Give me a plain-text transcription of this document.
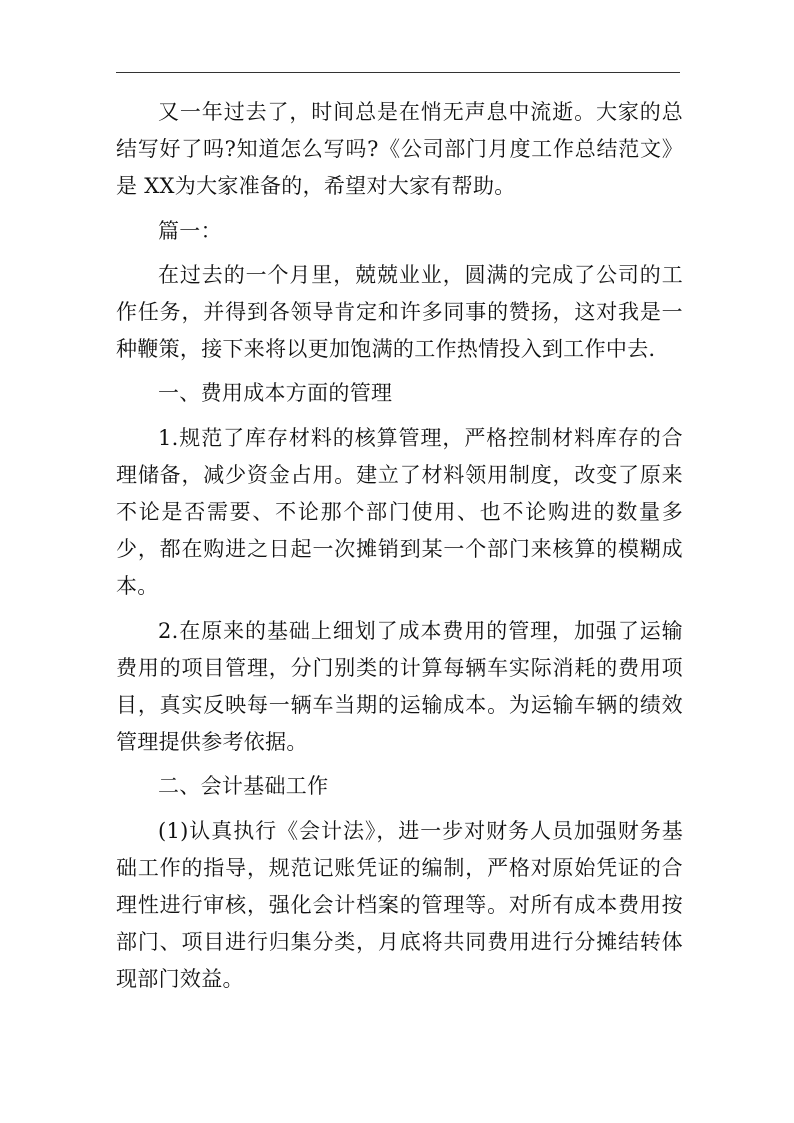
又一年过去了，时间总是在悄无声息中流逝。大家的总结写好了吗?知道怎么写吗?《公司部门月度工作总结范文》是 XX为大家准备的，希望对大家有帮助。

篇一：

在过去的一个月里，兢兢业业，圆满的完成了公司的工作任务，并得到各领导肯定和许多同事的赞扬，这对我是一种鞭策，接下来将以更加饱满的工作热情投入到工作中去．

一、费用成本方面的管理

1.规范了库存材料的核算管理，严格控制材料库存的合理储备，减少资金占用。建立了材料领用制度，改变了原来不论是否需要、不论那个部门使用、也不论购进的数量多少，都在购进之日起一次摊销到某一个部门来核算的模糊成本。

2.在原来的基础上细划了成本费用的管理，加强了运输费用的项目管理，分门别类的计算每辆车实际消耗的费用项目，真实反映每一辆车当期的运输成本。为运输车辆的绩效管理提供参考依据。

二、会计基础工作

(1)认真执行《会计法》，进一步对财务人员加强财务基础工作的指导，规范记账凭证的编制，严格对原始凭证的合理性进行审核，强化会计档案的管理等。对所有成本费用按部门、项目进行归集分类，月底将共同费用进行分摊结转体现部门效益。
